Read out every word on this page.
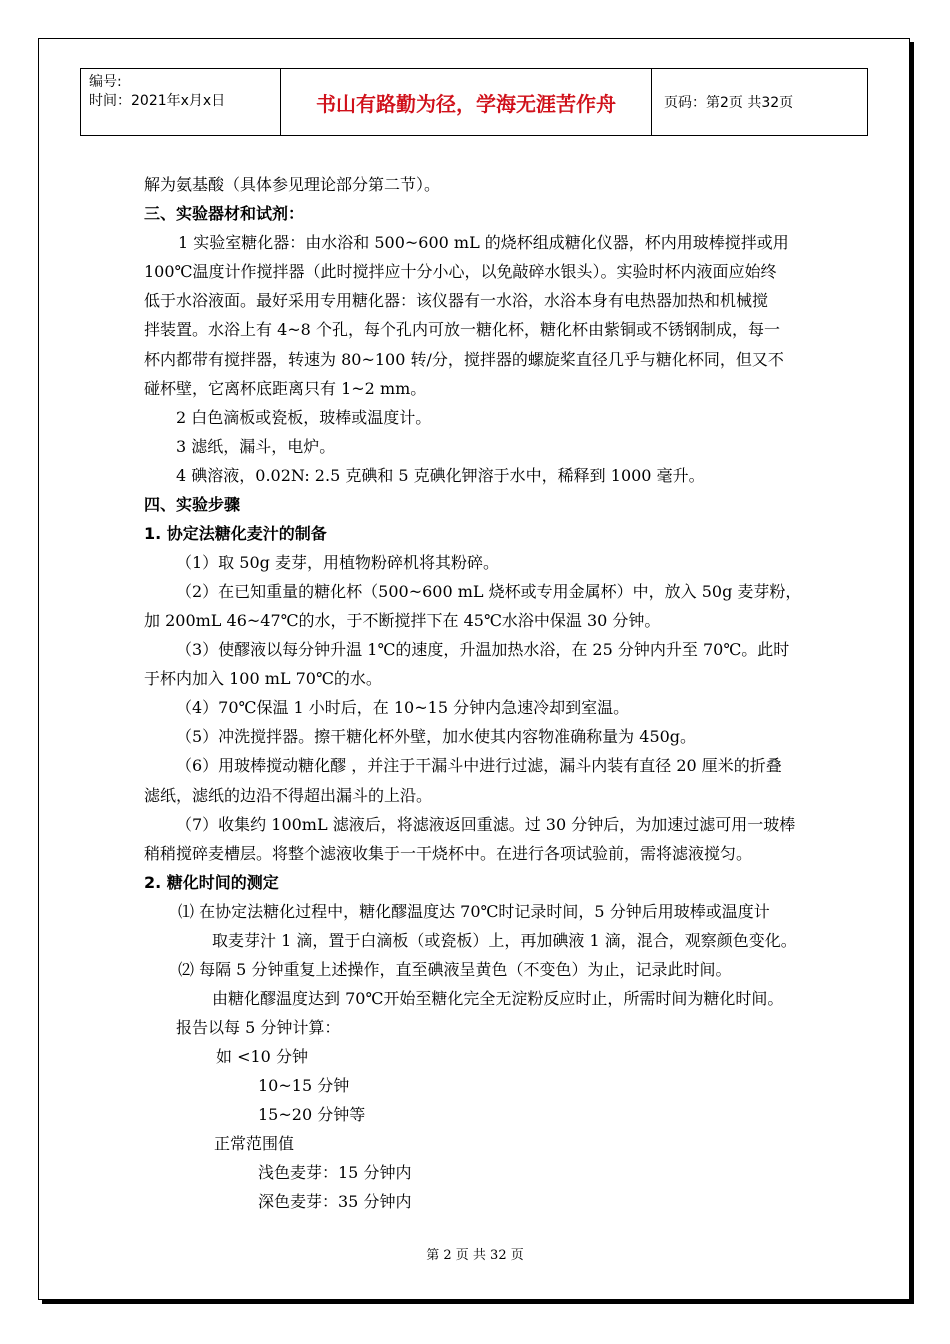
编号:
时间：2021年x月x日	书山有路勤为径，学海无涯苦作舟	页码：第2页 共32页
解为氨基酸（具体参见理论部分第二节）。
三、实验器材和试剂：
1 实验室糖化器：由水浴和 500~600 mL 的烧杯组成糖化仪器，杯内用玻棒搅拌或用
100℃温度计作搅拌器（此时搅拌应十分小心，以免敲碎水银头）。实验时杯内液面应始终
低于水浴液面。最好采用专用糖化器：该仪器有一水浴，水浴本身有电热器加热和机械搅
拌装置。水浴上有 4~8 个孔，每个孔内可放一糖化杯，糖化杯由紫铜或不锈钢制成，每一
杯内都带有搅拌器，转速为 80~100 转/分，搅拌器的螺旋桨直径几乎与糖化杯同，但又不
碰杯壁，它离杯底距离只有 1~2 mm。
2 白色滴板或瓷板，玻棒或温度计。
3 滤纸，漏斗，电炉。
4 碘溶液，0.02N: 2.5 克碘和 5 克碘化钾溶于水中，稀释到 1000 毫升。
四、实验步骤
1. 协定法糖化麦汁的制备
（1）取 50g 麦芽，用植物粉碎机将其粉碎。
（2）在已知重量的糖化杯（500~600 mL 烧杯或专用金属杯）中，放入 50g 麦芽粉，
加 200mL 46~47℃的水，于不断搅拌下在 45℃水浴中保温 30 分钟。
（3）使醪液以每分钟升温 1℃的速度，升温加热水浴，在 25 分钟内升至 70℃。此时
于杯内加入 100 mL 70℃的水。
（4）70℃保温 1 小时后，在 10~15 分钟内急速冷却到室温。
（5）冲洗搅拌器。擦干糖化杯外壁，加水使其内容物准确称量为 450g。
（6）用玻棒搅动糖化醪 ，并注于干漏斗中进行过滤，漏斗内装有直径 20 厘米的折叠
滤纸，滤纸的边沿不得超出漏斗的上沿。
（7）收集约 100mL 滤液后，将滤液返回重滤。过 30 分钟后，为加速过滤可用一玻棒
稍稍搅碎麦槽层。将整个滤液收集于一干烧杯中。在进行各项试验前，需将滤液搅匀。
2. 糖化时间的测定
⑴ 在协定法糖化过程中，糖化醪温度达 70℃时记录时间，5 分钟后用玻棒或温度计
取麦芽汁 1 滴，置于白滴板（或瓷板）上，再加碘液 1 滴，混合，观察颜色变化。
⑵ 每隔 5 分钟重复上述操作，直至碘液呈黄色（不变色）为止，记录此时间。
由糖化醪温度达到 70℃开始至糖化完全无淀粉反应时止，所需时间为糖化时间。
报告以每 5 分钟计算：
如 <10 分钟
10~15 分钟
15~20 分钟等
正常范围值
浅色麦芽：15 分钟内
深色麦芽：35 分钟内
第 2 页 共 32 页
